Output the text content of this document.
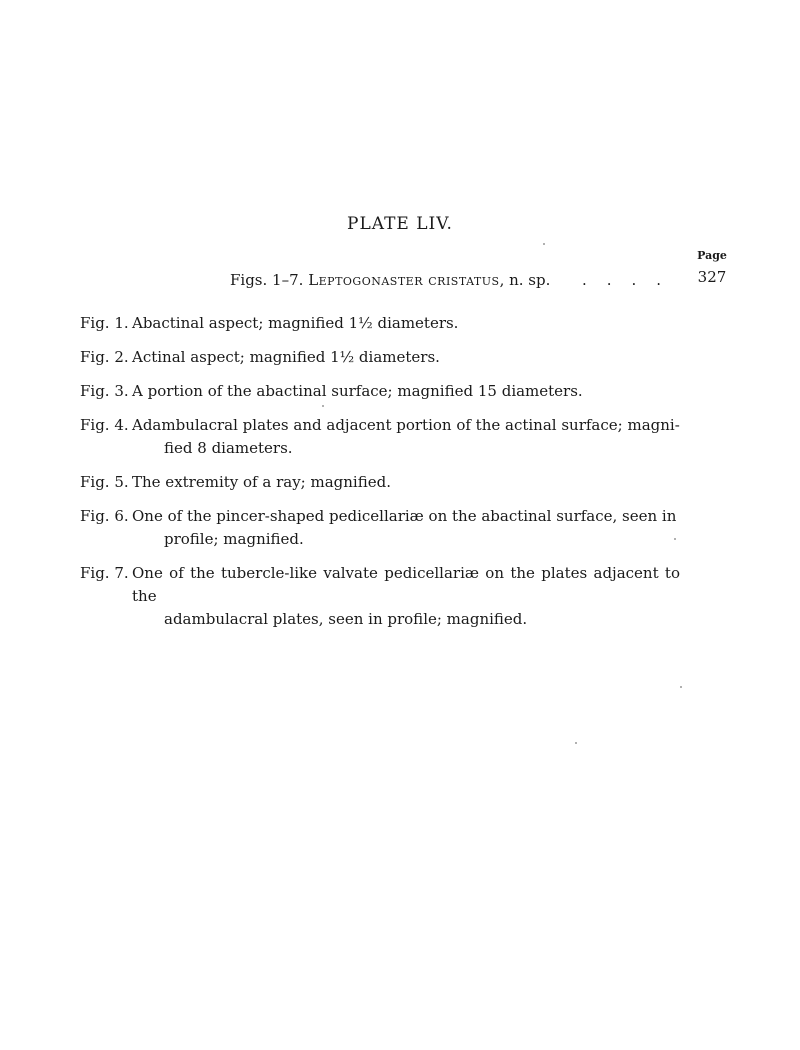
PLATE LIV.
Page
327
Figs. 1–7. Leptogonaster cristatus, n. sp. ....
Fig. 1. Abactinal aspect; magnified 1½ diameters.
Fig. 2. Actinal aspect; magnified 1½ diameters.
Fig. 3. A portion of the abactinal surface; magnified 15 diameters.
Fig. 4. Adambulacral plates and adjacent portion of the actinal surface; magni-
fied 8 diameters.
Fig. 5. The extremity of a ray; magnified.
Fig. 6. One of the pincer-shaped pedicellariæ on the abactinal surface, seen in
profile; magnified.
Fig. 7. One of the tubercle-like valvate pedicellariæ on the plates adjacent to the
adambulacral plates, seen in profile; magnified.
